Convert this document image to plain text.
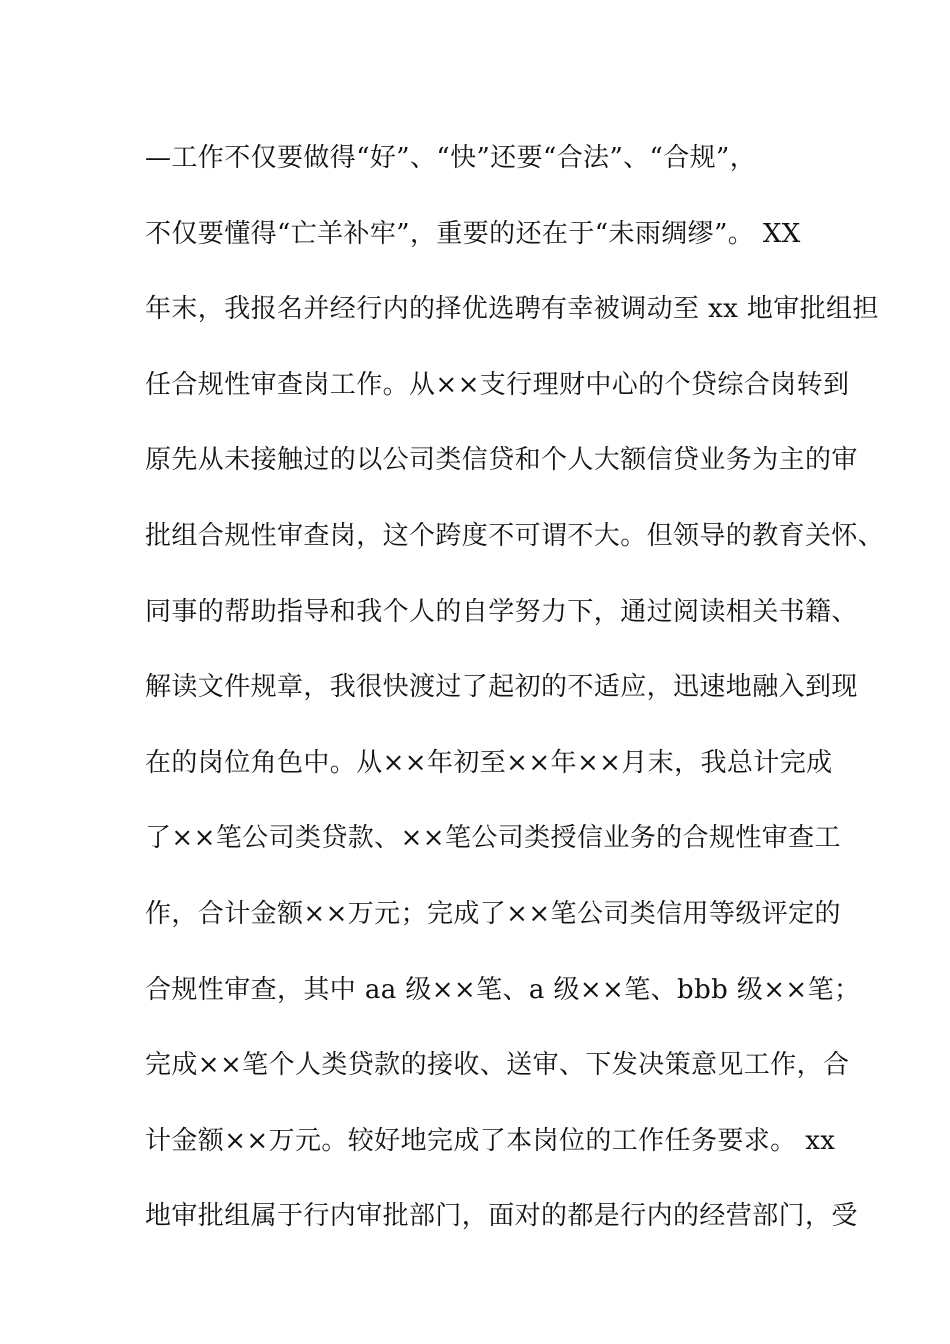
—工作不仅要做得“好”、“快”还要“合法”、“合规”，
不仅要懂得“亡羊补牢”，重要的还在于“未雨绸缪”。 XX
年末，我报名并经行内的择优选聘有幸被调动至 xx 地审批组担
任合规性审查岗工作。从××支行理财中心的个贷综合岗转到
原先从未接触过的以公司类信贷和个人大额信贷业务为主的审
批组合规性审查岗，这个跨度不可谓不大。但领导的教育关怀、
同事的帮助指导和我个人的自学努力下，通过阅读相关书籍、
解读文件规章，我很快渡过了起初的不适应，迅速地融入到现
在的岗位角色中。从××年初至××年××月末，我总计完成
了××笔公司类贷款、××笔公司类授信业务的合规性审查工
作，合计金额××万元；完成了××笔公司类信用等级评定的
合规性审查，其中 aa 级××笔、a 级××笔、bbb 级××笔；
完成××笔个人类贷款的接收、送审、下发决策意见工作，合
计金额××万元。较好地完成了本岗位的工作任务要求。 xx
地审批组属于行内审批部门，面对的都是行内的经营部门，受
